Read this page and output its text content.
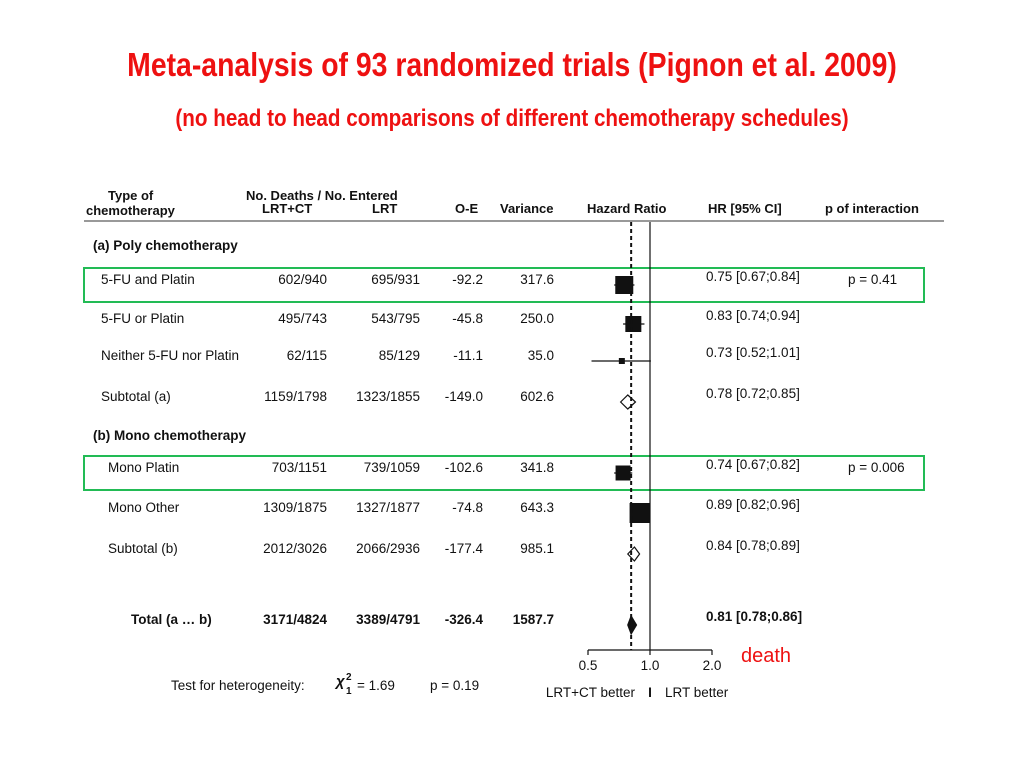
Meta-analysis of 93 randomized trials (Pignon et al. 2009)
(no head to head comparisons of different chemotherapy schedules)
Type of
chemotherapy
No. Deaths / No. Entered
LRT+CT	LRT	O-E Variance	Hazard Ratio	HR [95% CI]	p of interaction
(a) Poly chemotherapy
5-FU and Platin	602/940	695/931 -92.2	317.6	0.75 [0.67;0.84]	p = 0.41
5-FU or Platin	495/743	543/795 -45.8	250.0	0.83 [0.74;0.94]
Neither 5-FU nor Platin	62/115	85/129 -11.1	35.0	0.73 [0.52;1.01]
Subtotal (a)	1159/1798 1323/1855 -149.0	602.6	0.78 [0.72;0.85]
(b) Mono chemotherapy
Mono Platin	703/1151	739/1059 -102.6	341.8	0.74 [0.67;0.82]	p = 0.006
Mono Other	1309/1875 1327/1877 -74.8	643.3	0.89 [0.82;0.96]
Subtotal (b)	2012/3026 2066/2936 -177.4	985.1	0.84 [0.78;0.89]
Total (a … b)	3171/4824 3389/4791 -326.4 1587.7	0.81 [0.78;0.86]
0.5	1.0	2.0 death
LRT+CT better I LRT better
Test for heterogeneity: χ 2
1 = 1.69	p = 0.19
